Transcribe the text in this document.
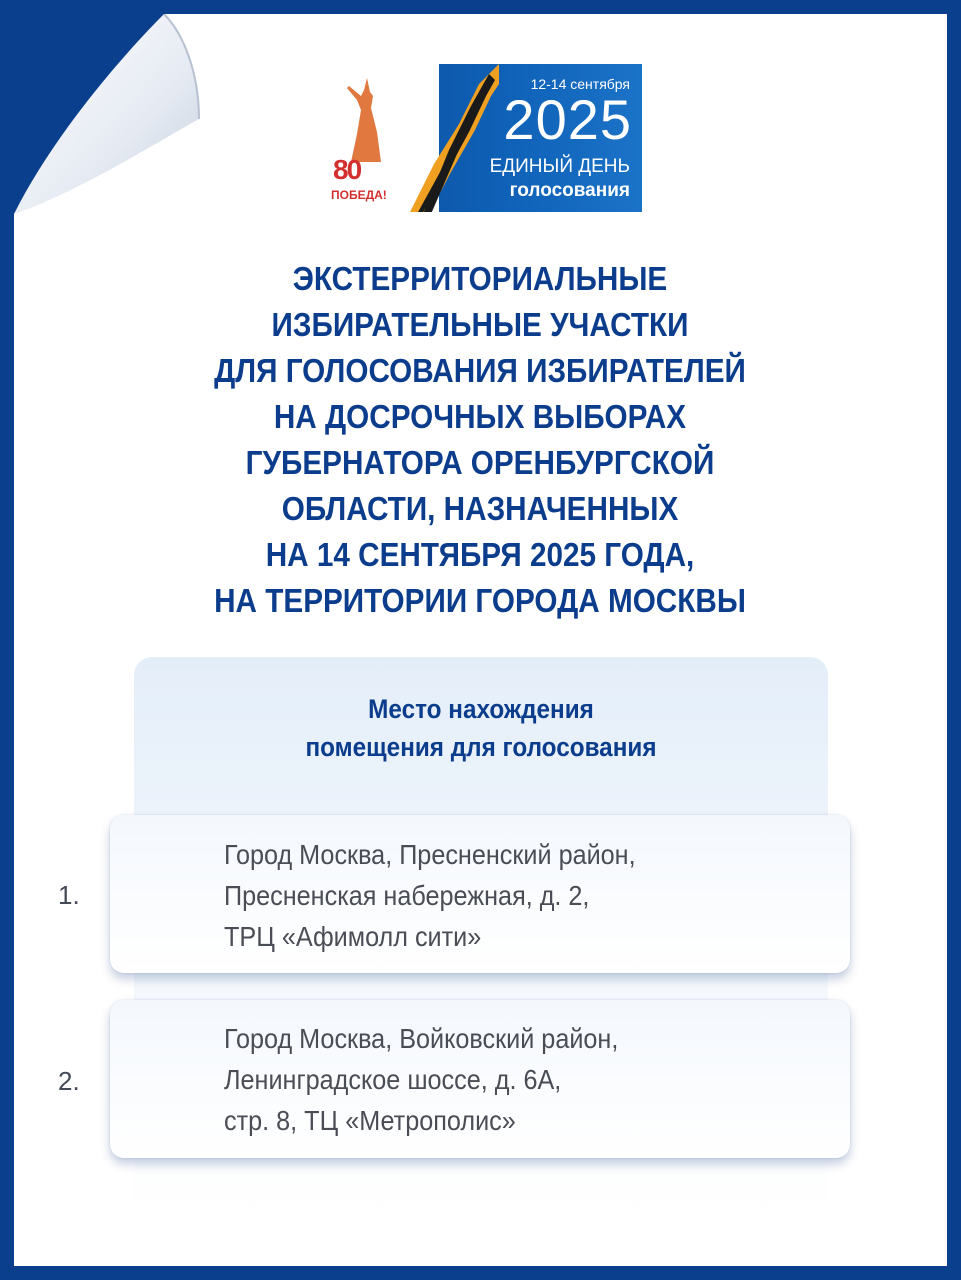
80
ПОБЕДА!
12-14 сентября
2025
ЕДИНЫЙ ДЕНЬ
голосования
ЭКСТЕРРИТОРИАЛЬНЫЕ
ИЗБИРАТЕЛЬНЫЕ УЧАСТКИ
ДЛЯ ГОЛОСОВАНИЯ ИЗБИРАТЕЛЕЙ
НА ДОСРОЧНЫХ ВЫБОРАХ
ГУБЕРНАТОРА ОРЕНБУРГСКОЙ
ОБЛАСТИ, НАЗНАЧЕННЫХ
НА 14 СЕНТЯБРЯ 2025 ГОДА,
НА ТЕРРИТОРИИ ГОРОДА МОСКВЫ
Место нахождения
помещения для голосования
1.
Город Москва, Пресненский район,
Пресненская набережная, д. 2,
ТРЦ «Афимолл сити»
2.
Город Москва, Войковский район,
Ленинградское шоссе, д. 6А,
стр. 8, ТЦ «Метрополис»
